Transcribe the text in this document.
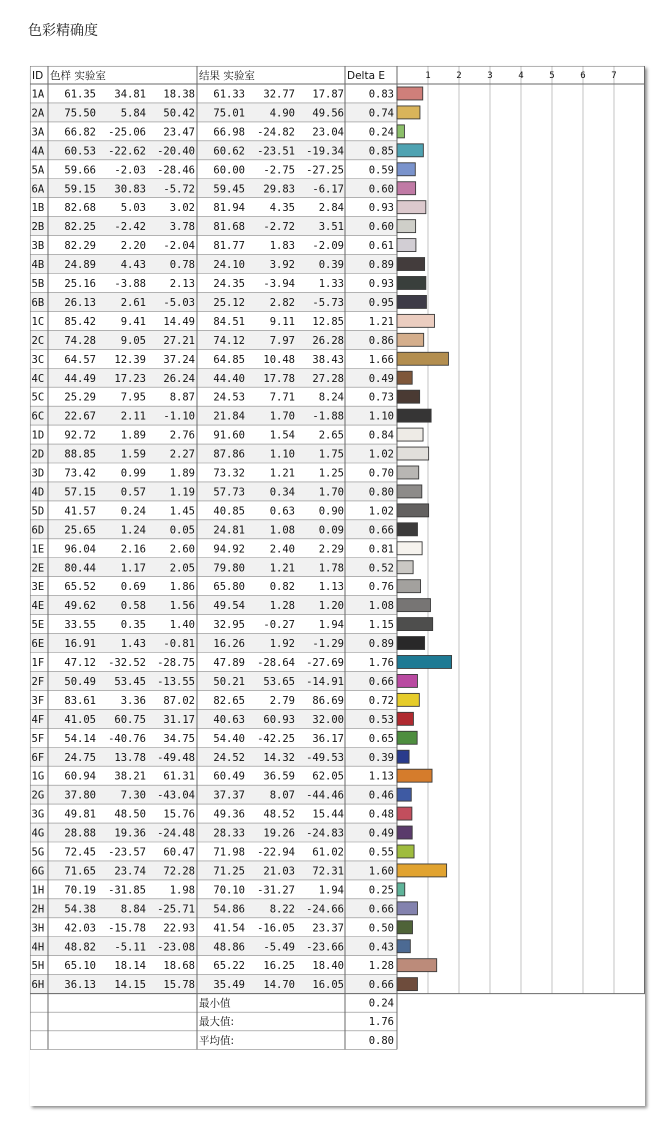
色彩精确度
ID 色样 实验室	结果 实验室	Delta E	1	2	3	4	5	6	7
1A 61.35 34.81 18.38 61.33 32.77 17.87 0.83
2A 75.50 5.84 50.42 75.01 4.90 49.56 0.74
3A 66.82 -25.06 23.47 66.98 -24.82 23.04 0.24
4A 60.53 -22.62 -20.40 60.62 -23.51 -19.34 0.85
5A 59.66 -2.03 -28.46 60.00 -2.75 -27.25 0.59
6A 59.15 30.83 -5.72 59.45 29.83 -6.17 0.60
1B 82.68 5.03 3.02 81.94 4.35 2.84 0.93
2B 82.25 -2.42 3.78 81.68 -2.72 3.51 0.60
3B 82.29 2.20 -2.04 81.77 1.83 -2.09 0.61
4B 24.89 4.43 0.78 24.10 3.92 0.39 0.89
5B 25.16 -3.88 2.13 24.35 -3.94 1.33 0.93
6B 26.13 2.61 -5.03 25.12 2.82 -5.73 0.95
1C 85.42 9.41 14.49 84.51 9.11 12.85 1.21
2C 74.28 9.05 27.21 74.12 7.97 26.28 0.86
3C 64.57 12.39 37.24 64.85 10.48 38.43 1.66
4C 44.49 17.23 26.24 44.40 17.78 27.28 0.49
5C 25.29 7.95 8.87 24.53 7.71 8.24 0.73
6C 22.67 2.11 -1.10 21.84 1.70 -1.88 1.10
1D 92.72 1.89 2.76 91.60 1.54 2.65 0.84
2D 88.85 1.59 2.27 87.86 1.10 1.75 1.02
3D 73.42 0.99 1.89 73.32 1.21 1.25 0.70
4D 57.15 0.57 1.19 57.73 0.34 1.70 0.80
5D 41.57 0.24 1.45 40.85 0.63 0.90 1.02
6D 25.65 1.24 0.05 24.81 1.08 0.09 0.66
1E 96.04 2.16 2.60 94.92 2.40 2.29 0.81
2E 80.44 1.17 2.05 79.80 1.21 1.78 0.52
3E 65.52 0.69 1.86 65.80 0.82 1.13 0.76
4E 49.62 0.58 1.56 49.54 1.28 1.20 1.08
5E 33.55 0.35 1.40 32.95 -0.27 1.94 1.15
6E 16.91 1.43 -0.81 16.26 1.92 -1.29 0.89
1F 47.12 -32.52 -28.75 47.89 -28.64 -27.69 1.76
2F 50.49 53.45 -13.55 50.21 53.65 -14.91 0.66
3F 83.61 3.36 87.02 82.65 2.79 86.69 0.72
4F 41.05 60.75 31.17 40.63 60.93 32.00 0.53
5F 54.14 -40.76 34.75 54.40 -42.25 36.17 0.65
6F 24.75 13.78 -49.48 24.52 14.32 -49.53 0.39
1G 60.94 38.21 61.31 60.49 36.59 62.05 1.13
2G 37.80 7.30 -43.04 37.37 8.07 -44.46 0.46
3G 49.81 48.50 15.76 49.36 48.52 15.44 0.48
4G 28.88 19.36 -24.48 28.33 19.26 -24.83 0.49
5G 72.45 -23.57 60.47 71.98 -22.94 61.02 0.55
6G 71.65 23.74 72.28 71.25 21.03 72.31 1.60
1H 70.19 -31.85 1.98 70.10 -31.27 1.94 0.25
2H 54.38 8.84 -25.71 54.86 8.22 -24.66 0.66
3H 42.03 -15.78 22.93 41.54 -16.05 23.37 0.50
4H 48.82 -5.11 -23.08 48.86 -5.49 -23.66 0.43
5H 65.10 18.14 18.68 65.22 16.25 18.40 1.28
6H 36.13 14.15 15.78 35.49 14.70 16.05 0.66
最小值	0.24
最大值:	1.76
平均值:	0.80
